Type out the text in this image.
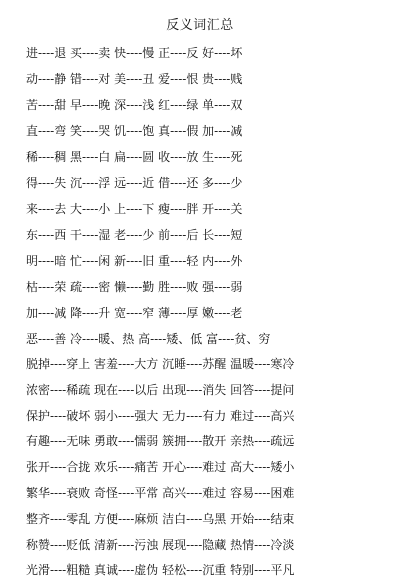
反义词汇总
进----退 买----卖 快----慢 正----反 好----坏
动----静 错----对 美----丑 爱----恨 贵----贱
苦----甜 早----晚 深----浅 红----绿 单----双
直----弯 笑----哭 饥----饱 真----假 加----减
稀----稠 黑----白 扁----圆 收----放 生----死
得----失 沉----浮 远----近 借----还 多----少
来----去 大----小 上----下 瘦----胖 开----关
东----西 干----湿 老----少 前----后 长----短
明----暗 忙----闲 新----旧 重----轻 内----外
枯----荣 疏----密 懒----勤 胜----败 强----弱
加----减 降----升 宽----窄 薄----厚 嫩----老
恶----善 冷----暖、热 高----矮、低 富----贫、穷
脱掉----穿上 害羞----大方 沉睡----苏醒 温暖----寒冷
浓密----稀疏 现在----以后 出现----消失 回答----提问
保护----破坏 弱小----强大 无力----有力 难过----高兴
有趣----无味 勇敢----懦弱 簇拥----散开 亲热----疏远
张开----合拢 欢乐----痛苦 开心----难过 高大----矮小
繁华----衰败 奇怪----平常 高兴----难过 容易----困难
整齐----零乱 方便----麻烦 洁白----乌黑 开始----结束
称赞----贬低 清新----污浊 展现----隐藏 热情----冷淡
光滑----粗糙 真诚----虚伪 轻松----沉重 特别----平凡
